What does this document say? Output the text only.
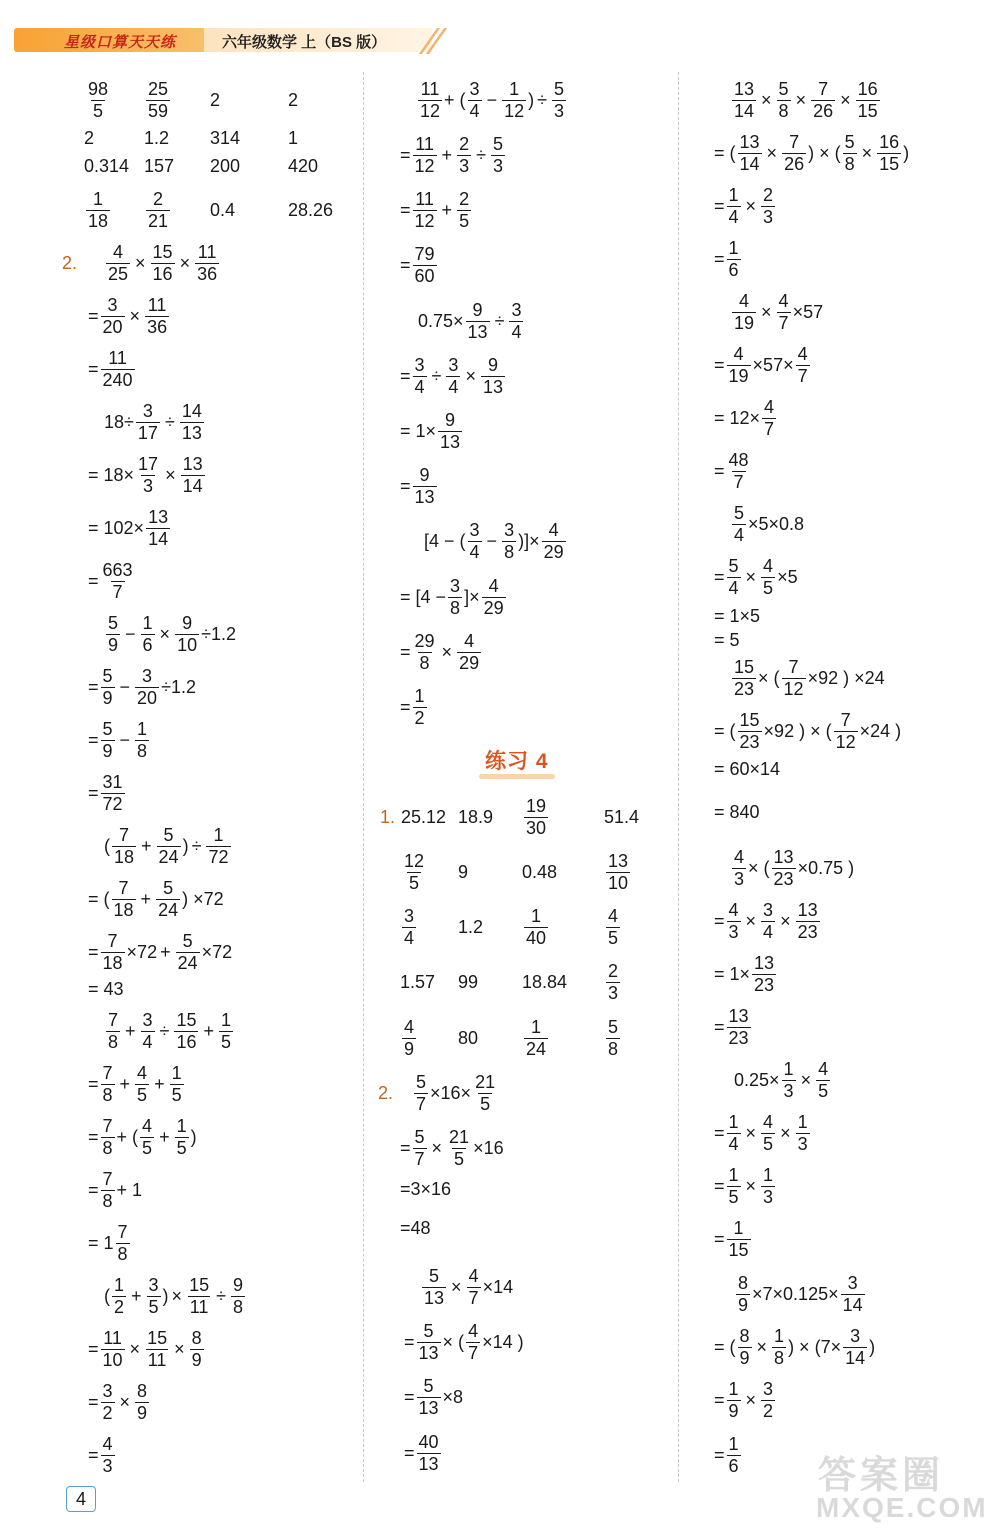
星级口算天天练	六年级数学 上（BS 版）
练习 4
$\frac{98}{5} \frac{25}{59} 2$	2
2	1.2 314	1
0.314 157 200	420
$\frac{1}{18} \frac{2}{21} 0.4$	28.26
2. $\frac{4}{25} \times \frac{15}{16} \times \frac{11}{36}$
= $\frac{3}{20} \times \frac{11}{36}$
= $\frac{11}{240}$
$18\div \frac{3}{17} \div \frac{14}{13}$
= $18\times \frac{17}{3} \times \frac{13}{14}$
= $102\times \frac{13}{14}$
= $\frac{663}{7}$
$\frac{5}{9} - \frac{1}{6} \times \frac{9}{10} \div 1.2$
= $\frac{5}{9} - \frac{3}{20} \div 1.2$
= $\frac{5}{9} - \frac{1}{8}$
= $\frac{31}{72}$
( $\frac{7}{18} + \frac{5}{24}$ ) ÷ $\frac{1}{72}$
= ( $\frac{7}{18} + \frac{5}{24}$ ) ×72
= $\frac{7}{18} \times 72 + \frac{5}{24} \times 72$
= 43
$\frac{7}{8} + \frac{3}{4} \div \frac{15}{16} + \frac{1}{5}$
= $\frac{7}{8} + \frac{4}{5} + \frac{1}{5}$
= $\frac{7}{8}$ + ( $\frac{4}{5} + \frac{1}{5}$ )
= $\frac{7}{8} + 1$
= $1 \frac{7}{8}$
( $\frac{1}{2} + \frac{3}{5}$ ) × $\frac{15}{11} \div \frac{9}{8}$
= $\frac{11}{10} \times \frac{15}{11} \times \frac{8}{9}$
= $\frac{3}{2} \times \frac{8}{9}$
= $\frac{4}{3}$
$\frac{11}{12}$ + ( $\frac{3}{4} - \frac{1}{12}$ ) ÷ $\frac{5}{3}$
= $\frac{11}{12} + \frac{2}{3} \div \frac{5}{3}$
= $\frac{11}{12} + \frac{2}{5}$
= $\frac{79}{60}$
$0.75\times \frac{9}{13} \div \frac{3}{4}$
= $\frac{3}{4} \div \frac{3}{4} \times \frac{9}{13}$
= $1\times \frac{9}{13}$
= $\frac{9}{13}$
[4 − ( $\frac{3}{4} - \frac{3}{8}$ )]× $\frac{4}{29}$
= [$4 - \frac{3}{8}$ ]× $\frac{4}{29}$
= $\frac{29}{8} \times \frac{4}{29}$
= $\frac{1}{2}$
1. 25.12 $18.9 \frac{19}{30}$	51.4
$\frac{12}{5} 9$	0.48	$\frac{13}{10}$
$\frac{3}{4} 1.2 \frac{1}{40}$	$\frac{4}{5}$
1.57 99 $18.84 \frac{2}{3}$
$\frac{4}{9} 80$	$\frac{1}{24}$	$\frac{5}{8}$
2. $\frac{5}{7} \times 16\times \frac{21}{5}$
= $\frac{5}{7} \times \frac{21}{5} \times 16$
=3×16
=48
$\frac{5}{13} \times \frac{4}{7} \times 14$
= $\frac{5}{13}$ × ( $\frac{4}{7} \times 14$ )
= $\frac{5}{13} \times 8$
= $\frac{40}{13}$
$\frac{13}{14} \times \frac{5}{8} \times \frac{7}{26} \times \frac{16}{15}$
= ( $\frac{13}{14} \times \frac{7}{26}$ ) × ( $\frac{5}{8} \times \frac{16}{15}$ )
= $\frac{1}{4} \times \frac{2}{3}$
= $\frac{1}{6}$
$\frac{4}{19} \times \frac{4}{7} \times 57$
= $\frac{4}{19} \times 57\times \frac{4}{7}$
= $12\times \frac{4}{7}$
= $\frac{48}{7}$
$\frac{5}{4} \times 5\times 0.8$
= $\frac{5}{4} \times \frac{4}{5} \times 5$
= 1×5
= 5
$\frac{15}{23}$ × ( $\frac{7}{12} \times 92$ ) ×24
= ( $\frac{15}{23} \times 92$ ) × ( $\frac{7}{12} \times 24$ )
= 60×14
= 840
$\frac{4}{3}$ × ( $\frac{13}{23} \times 0.75$ )
= $\frac{4}{3} \times \frac{3}{4} \times \frac{13}{23}$
= $1\times \frac{13}{23}$
= $\frac{13}{23}$
$0.25\times \frac{1}{3} \times \frac{4}{5}$
= $\frac{1}{4} \times \frac{4}{5} \times \frac{1}{3}$
= $\frac{1}{5} \times \frac{1}{3}$
= $\frac{1}{15}$
$\frac{8}{9} \times 7\times 0.125\times \frac{3}{14}$
= ( $\frac{8}{9} \times \frac{1}{8}$ ) × ($7\times \frac{3}{14}$ )
= $\frac{1}{9} \times \frac{3}{2}$
= $\frac{1}{6}$
4
答案圈
MXQE.COM
